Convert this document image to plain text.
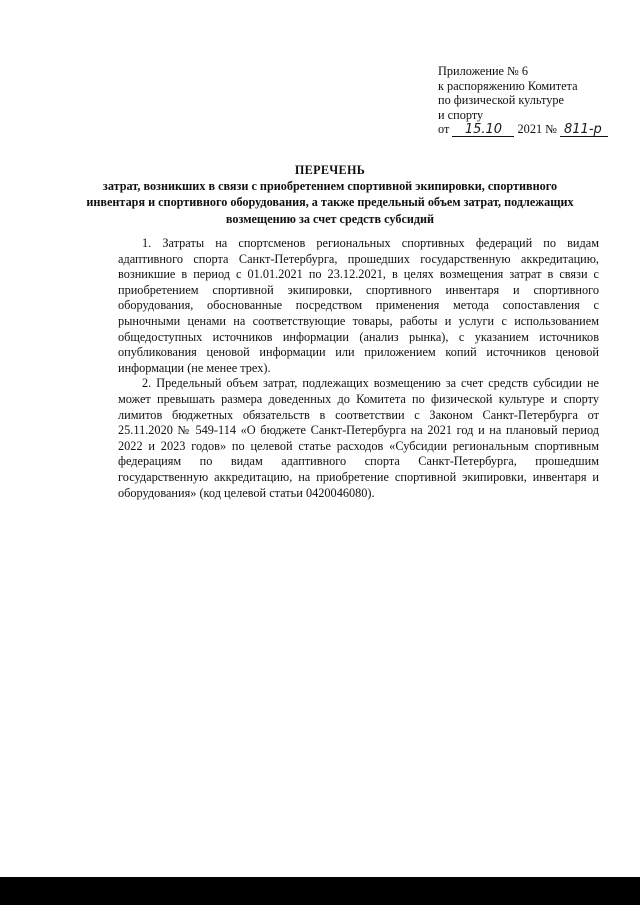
Приложение № 6
к распоряжению Комитета
по физической культуре
и спорту
от 15.10 2021 № 811-р
ПЕРЕЧЕНЬ
затрат, возникших в связи с приобретением спортивной экипировки, спортивного инвентаря и спортивного оборудования, а также предельный объем затрат, подлежащих возмещению за счет средств субсидий

1. Затраты на спортсменов региональных спортивных федераций по видам адаптивного спорта Санкт-Петербурга, прошедших государственную аккредитацию, возникшие в период с 01.01.2021 по 23.12.2021, в целях возмещения затрат в связи с приобретением спортивной экипировки, спортивного инвентаря и спортивного оборудования, обоснованные посредством применения метода сопоставления с рыночными ценами на соответствующие товары, работы и услуги с использованием общедоступных источников информации (анализ рынка), с указанием источников опубликования ценовой информации или приложением копий источников ценовой информации (не менее трех).

2. Предельный объем затрат, подлежащих возмещению за счет средств субсидии не может превышать размера доведенных до Комитета по физической культуре и спорту лимитов бюджетных обязательств в соответствии с Законом Санкт-Петербурга от 25.11.2020 № 549-114 «О бюджете Санкт-Петербурга на 2021 год и на плановый период 2022 и 2023 годов» по целевой статье расходов «Субсидии региональным спортивным федерациям по видам адаптивного спорта Санкт-Петербурга, прошедшим государственную аккредитацию, на приобретение спортивной экипировки, инвентаря и оборудования» (код целевой статьи 0420046080).
